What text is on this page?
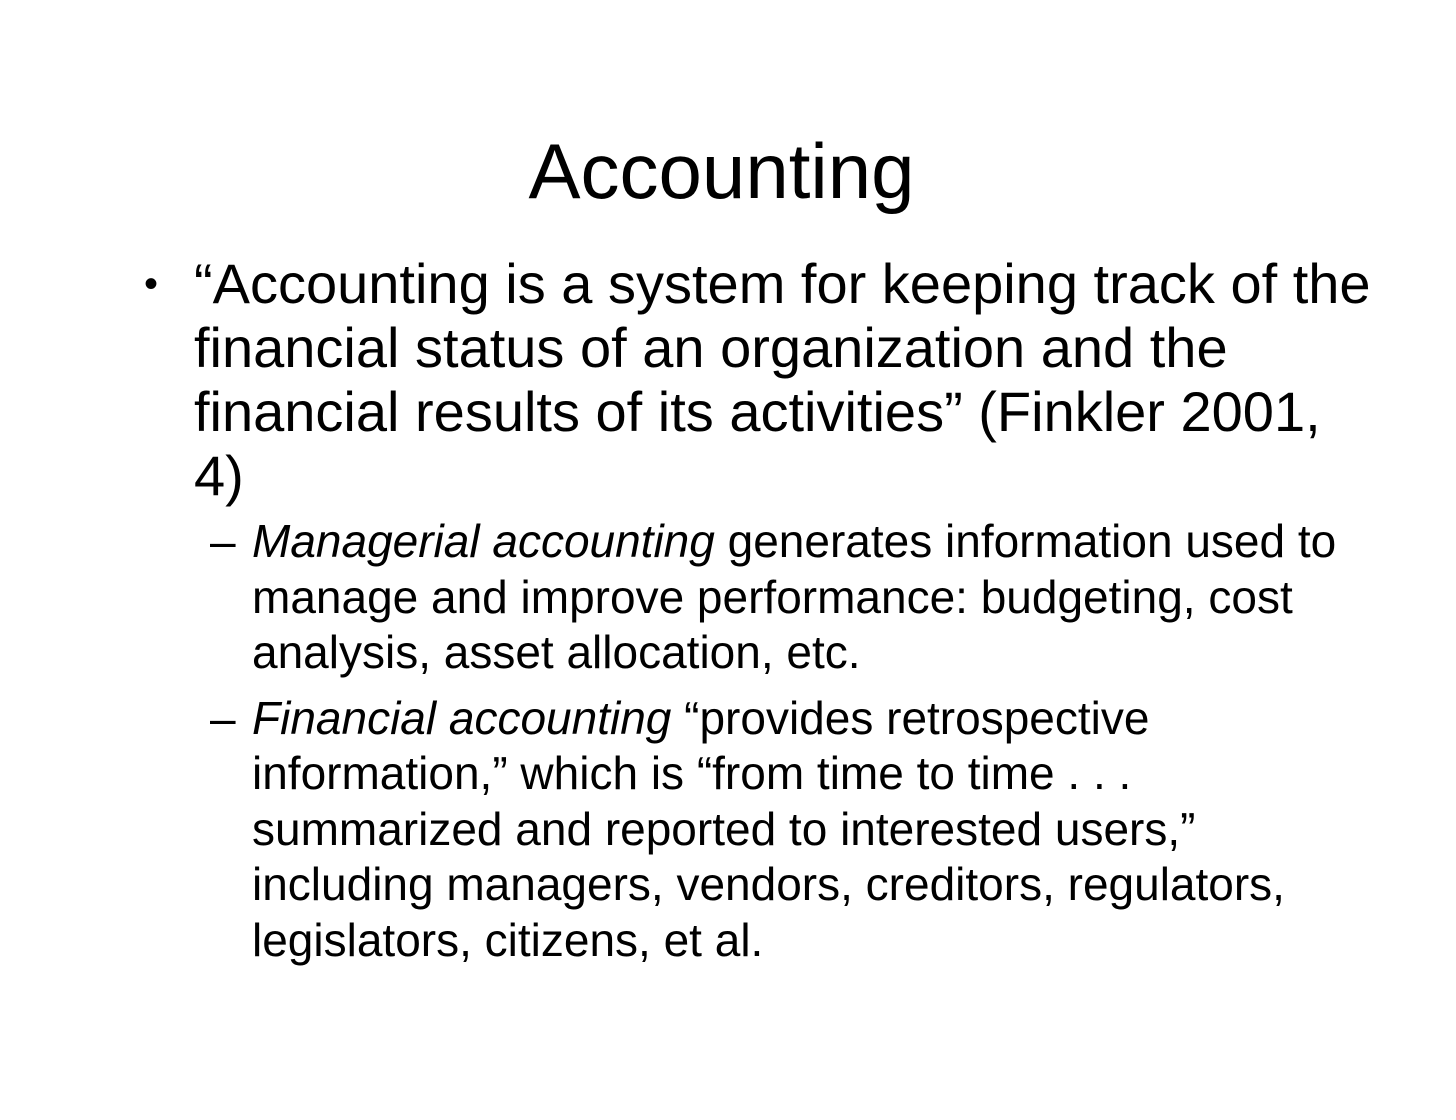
Accounting
• “Accounting is a system for keeping track of the financial status of an organization and the financial results of its activities” (Finkler 2001, 4)
– Managerial accounting generates information used to manage and improve performance: budgeting, cost analysis, asset allocation, etc.
– Financial accounting “provides retrospective information,” which is “from time to time . . . summarized and reported to interested users,” including managers, vendors, creditors, regulators, legislators, citizens, et al.
